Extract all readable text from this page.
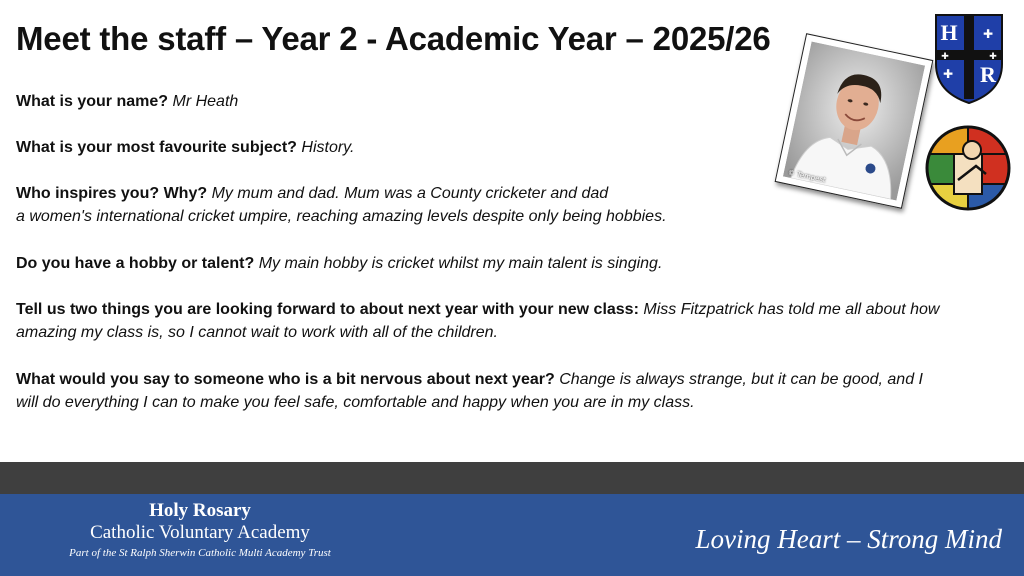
Meet the staff – Year 2 - Academic Year – 2025/26

What is your name? Mr Heath

What is your most favourite subject? History.

Who inspires you? Why? My mum and dad. Mum was a County cricketer and dad
a women's international cricket umpire, reaching amazing levels despite only being hobbies.

Do you have a hobby or talent? My main hobby is cricket whilst my main talent is singing.

Tell us two things you are looking forward to about next year with your new class: Miss Fitzpatrick has told me all about how amazing my class is, so I cannot wait to work with all of the children.

What would you say to someone who is a bit nervous about next year? Change is always strange, but it can be good, and I will do everything I can to make you feel safe, comfortable and happy when you are in my class.

© Tempest
H
R
✚
✚
✚	✚
Holy Rosary
Catholic Voluntary Academy
Part of the St Ralph Sherwin Catholic Multi Academy Trust	Loving Heart – Strong Mind
